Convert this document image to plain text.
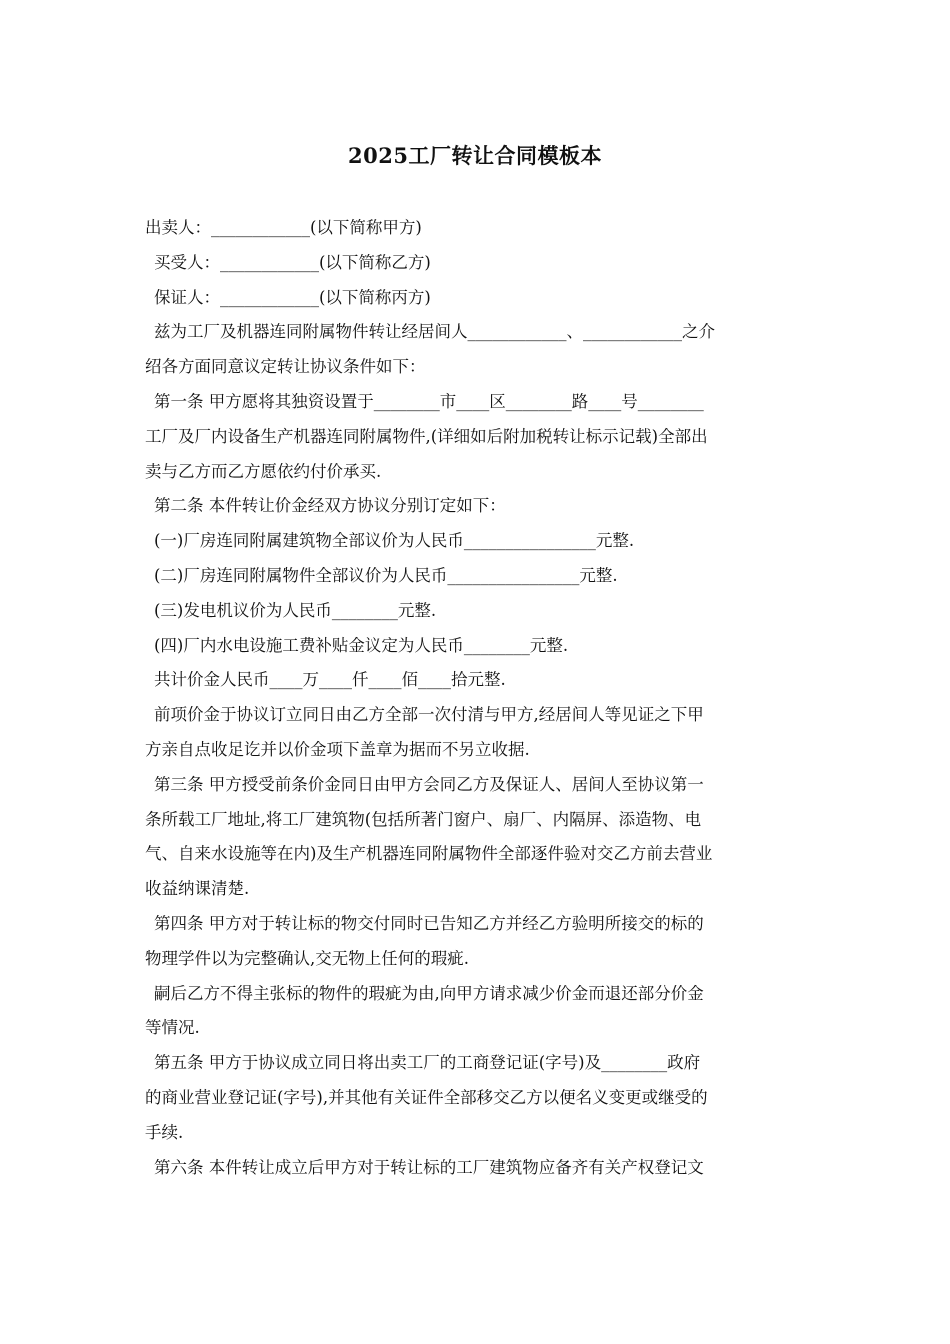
2025工厂转让合同模板本
出卖人：____________(以下简称甲方)
买受人：____________(以下简称乙方)
保证人：____________(以下简称丙方)
兹为工厂及机器连同附属物件转让经居间人____________、____________之介
绍各方面同意议定转让协议条件如下：
第一条 甲方愿将其独资设置于________市____区________路____号________
工厂及厂内设备生产机器连同附属物件,(详细如后附加税转让标示记载)全部出
卖与乙方而乙方愿依约付价承买.
第二条 本件转让价金经双方协议分别订定如下：
(一)厂房连同附属建筑物全部议价为人民币________________元整.
(二)厂房连同附属物件全部议价为人民币________________元整.
(三)发电机议价为人民币________元整.
(四)厂内水电设施工费补贴金议定为人民币________元整.
共计价金人民币____万____仟____佰____拾元整.
前项价金于协议订立同日由乙方全部一次付清与甲方,经居间人等见证之下甲
方亲自点收足讫并以价金项下盖章为据而不另立收据.
第三条 甲方授受前条价金同日由甲方会同乙方及保证人、居间人至协议第一
条所载工厂地址,将工厂建筑物(包括所著门窗户、扇厂、内隔屏、添造物、电
气、自来水设施等在内)及生产机器连同附属物件全部逐件验对交乙方前去营业
收益纳课清楚.
第四条 甲方对于转让标的物交付同时已告知乙方并经乙方验明所接交的标的
物理学件以为完整确认,交无物上任何的瑕疵.
嗣后乙方不得主张标的物件的瑕疵为由,向甲方请求减少价金而退还部分价金
等情况.
第五条 甲方于协议成立同日将出卖工厂的工商登记证(字号)及________政府
的商业营业登记证(字号),并其他有关证件全部移交乙方以便名义变更或继受的
手续.
第六条 本件转让成立后甲方对于转让标的工厂建筑物应备齐有关产权登记文
